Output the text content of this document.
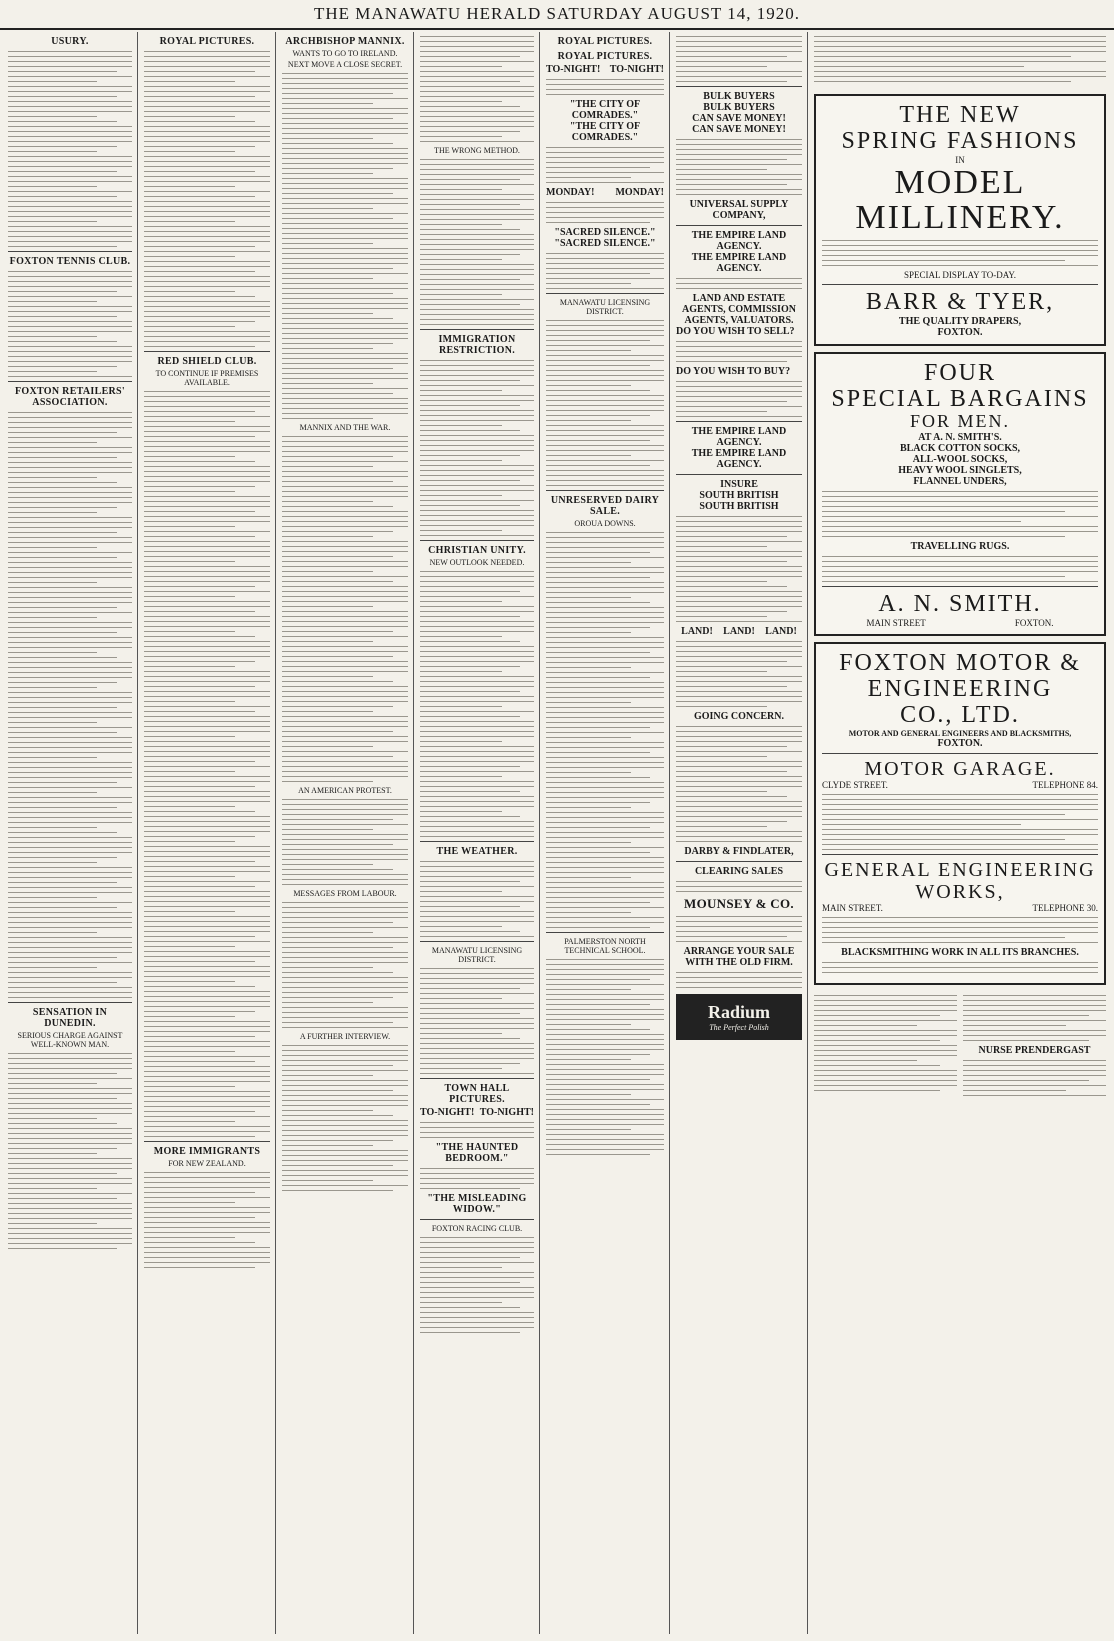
THE MANAWATU HERALD SATURDAY AUGUST 14, 1920.
USURY.
FOXTON TENNIS CLUB.
FOXTON RETAILERS' ASSOCIATION.
SENSATION IN DUNEDIN.
SERIOUS CHARGE AGAINST WELL-KNOWN MAN.
ROYAL PICTURES.
RED SHIELD CLUB.
TO CONTINUE IF PREMISES AVAILABLE.
MORE IMMIGRANTS
FOR NEW ZEALAND.
ARCHBISHOP MANNIX.
WANTS TO GO TO IRELAND.
NEXT MOVE A CLOSE SECRET.
MANNIX AND THE WAR.
AN AMERICAN PROTEST.
MESSAGES FROM LABOUR.
A FURTHER INTERVIEW.
THE WRONG METHOD.
IMMIGRATION RESTRICTION.
CHRISTIAN UNITY.
NEW OUTLOOK NEEDED.
THE WEATHER.
MANAWATU LICENSING DISTRICT.
TOWN HALL PICTURES.
TO-NIGHT! TO-NIGHT!
"THE HAUNTED BEDROOM."
"THE MISLEADING WIDOW."
FOXTON RACING CLUB.
ROYAL PICTURES.
ROYAL PICTURES.
TO-NIGHT! TO-NIGHT!
"THE CITY OF COMRADES."
"THE CITY OF COMRADES."
MONDAY! MONDAY!
"SACRED SILENCE."
"SACRED SILENCE."
MANAWATU LICENSING DISTRICT.
UNRESERVED DAIRY SALE.
OROUA DOWNS.
PALMERSTON NORTH TECHNICAL SCHOOL.
BULK BUYERS
BULK BUYERS
CAN SAVE MONEY!
CAN SAVE MONEY!
UNIVERSAL SUPPLY COMPANY,
THE EMPIRE LAND AGENCY.
THE EMPIRE LAND AGENCY.
LAND AND ESTATE AGENTS, COMMISSION AGENTS, VALUATORS.
DO YOU WISH TO SELL?
DO YOU WISH TO BUY?
THE EMPIRE LAND AGENCY.
THE EMPIRE LAND AGENCY.
INSURE
SOUTH BRITISH
SOUTH BRITISH
LAND! LAND! LAND!
GOING CONCERN.
DARBY & FINDLATER,
CLEARING SALES
MOUNSEY & CO.
ARRANGE YOUR SALE WITH THE OLD FIRM.
Radium
The Perfect Polish
THE NEW
SPRING FASHIONS
IN
MODEL
MILLINERY.
SPECIAL DISPLAY TO-DAY.
BARR & TYER,
THE QUALITY DRAPERS,
FOXTON.
FOUR
SPECIAL BARGAINS
FOR MEN.
AT A. N. SMITH'S.
BLACK COTTON SOCKS,
ALL-WOOL SOCKS,
HEAVY WOOL SINGLETS,
FLANNEL UNDERS,
TRAVELLING RUGS.
A. N. SMITH.
MAIN STREET	FOXTON.
FOXTON MOTOR &
ENGINEERING
CO., LTD.
MOTOR AND GENERAL ENGINEERS AND BLACKSMITHS,
FOXTON.
MOTOR GARAGE.
CLYDE STREET.	TELEPHONE 84.
GENERAL ENGINEERING
WORKS,
MAIN STREET.	TELEPHONE 30.
BLACKSMITHING WORK IN ALL ITS BRANCHES.
NURSE PRENDERGAST
